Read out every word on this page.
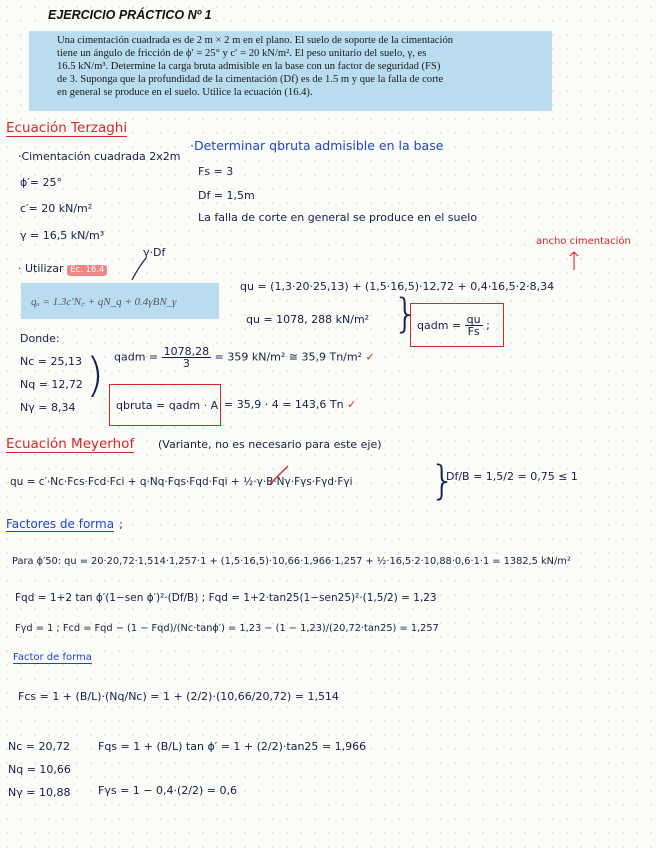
EJERCICIO PRÁCTICO Nº 1
Una cimentación cuadrada es de 2 m × 2 m en el plano. El suelo de soporte de la cimentación
tiene un ángulo de fricción de ϕ′ = 25° y c′ = 20 kN/m². El peso unitario del suelo, γ, es
16.5 kN/m³. Determine la carga bruta admisible en la base con un factor de seguridad (FS)
de 3. Suponga que la profundidad de la cimentación (Df) es de 1.5 m y que la falla de corte
en general se produce en el suelo. Utilice la ecuación (16.4).
Ecuación Terzaghi
·Cimentación cuadrada 2x2m
ϕ′= 25°
c′= 20 kN/m²
γ = 16,5 kN/m³
·Determinar qbruta admisible en la base
Fs = 3
Df = 1,5m
La falla de corte en general se produce en el suelo
· Utilizar Ec. 16.4
γ·Df
qᵤ = 1.3c′N꜀ + qN_q + 0.4γBN_γ
ancho cimentación
qu = (1,3·20·25,13) + (1,5·16,5)·12,72 + 0,4·16,5·2·8,34
qu = 1078, 288 kN/m² }
qadm =
$\frac{qu}{Fs}$ ;
Donde:
Nc = 25,13
Nq = 12,72
Nγ = 8,34
) qadm = $\frac{1078,28}{3} = 359$ kN/m² ≅ 35,9 Tn/m² ✓
qbruta = qadm · A = 35,9 · 4 = 143,6 Tn ✓
Ecuación Meyerhof (Variante, no es necesario para este eje)
qu = c′·Nc·Fcs·Fcd·Fci + q·Nq·Fqs·Fqd·Fqi + ½·γ·B·Nγ·Fγs·Fγd·Fγi }
Df/B = 1,5/2 = 0,75 ≤ 1
Factores de forma ;
Para ϕ′50: qu = 20·20,72·1,514·1,257·1 + (1,5·16,5)·10,66·1,966·1,257 + ½·16,5·2·10,88·0,6·1·1 = 1382,5 kN/m²
Fqd = 1+2 tan ϕ′(1−sen ϕ′)²·(Df/B) ; Fqd = 1+2·tan25(1−sen25)²·(1,5/2) = 1,23
Fγd = 1 ; Fcd = Fqd − (1 − Fqd)/(Nc·tanϕ′) = 1,23 − (1 − 1,23)/(20,72·tan25) = 1,257
Factor de forma
Fcs = 1 + (B/L)·(Nq/Nc) = 1 + (2/2)·(10,66/20,72) = 1,514
Nc = 20,72
Nq = 10,66
Nγ = 10,88
Fqs = 1 + (B/L) tan ϕ′ = 1 + (2/2)·tan25 = 1,966
Fγs = 1 − 0,4·(2/2) = 0,6
